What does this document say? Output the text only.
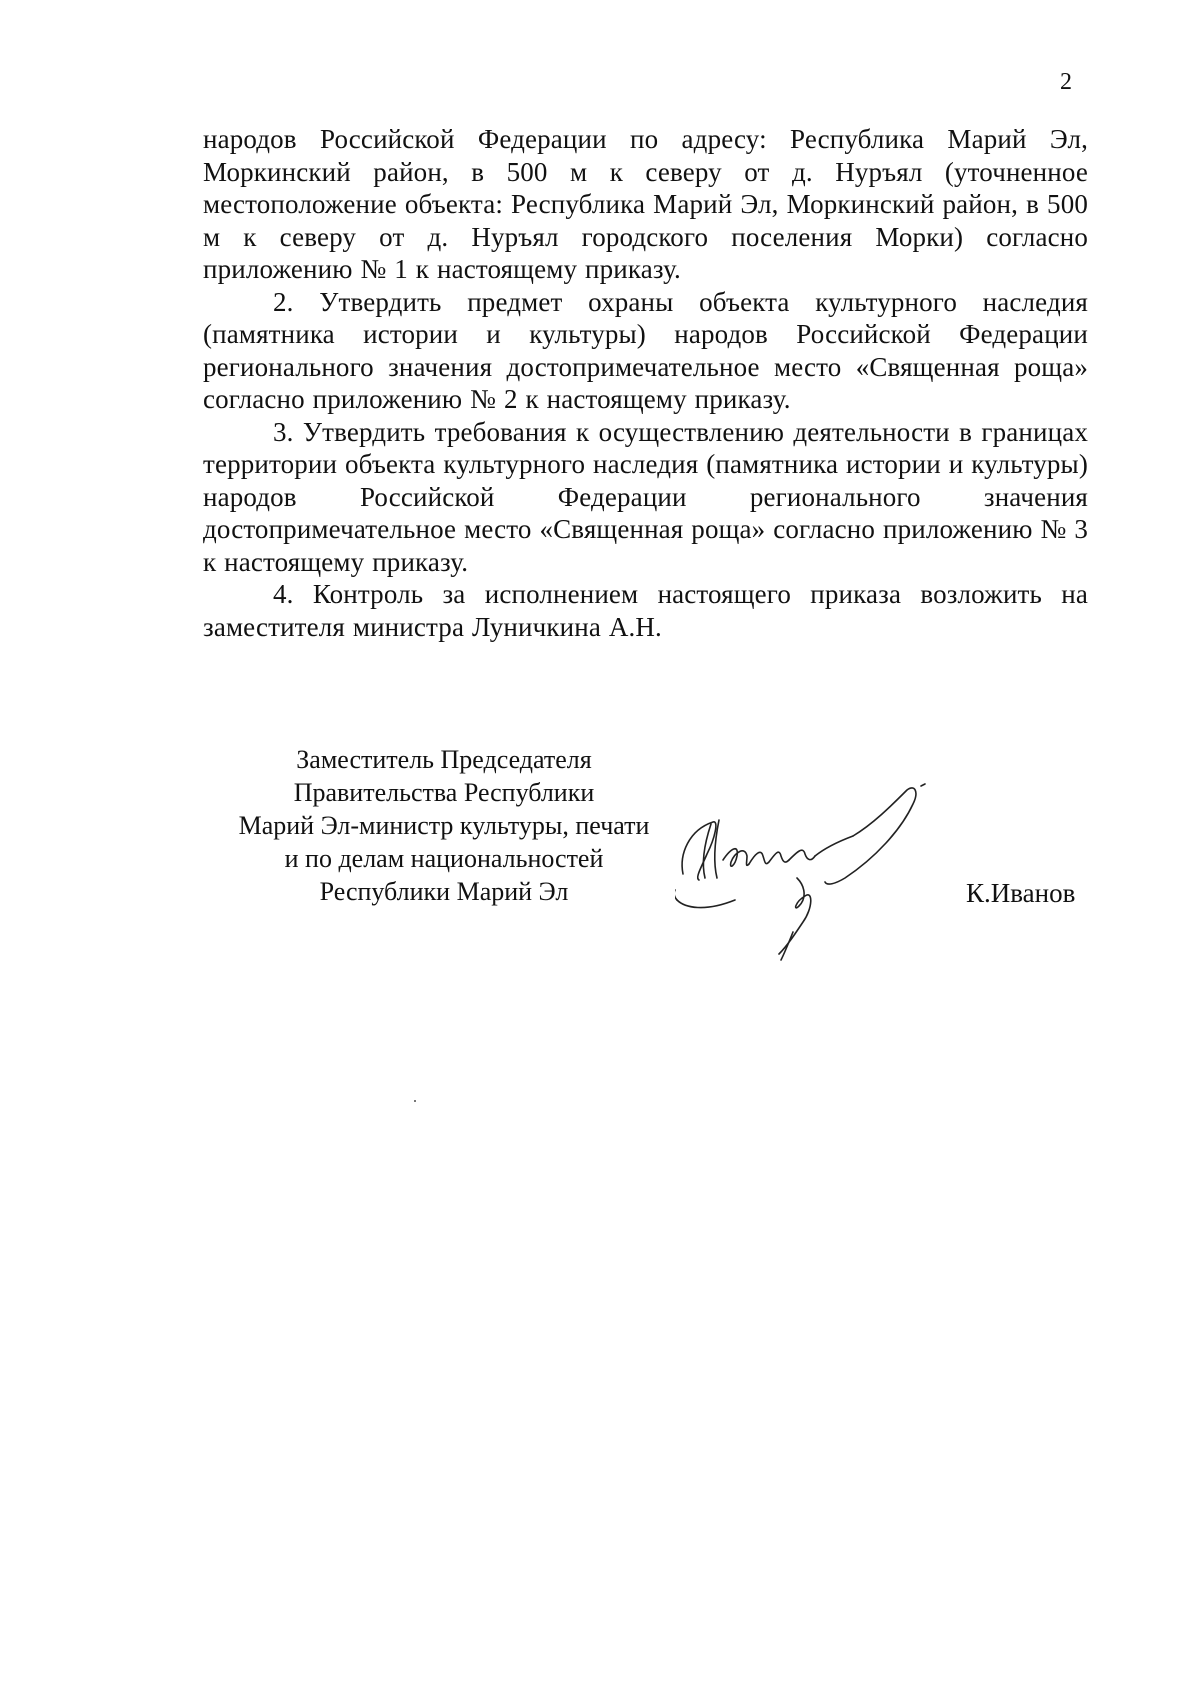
2

народов Российской Федерации по адресу: Республика Марий Эл, Моркинский район, в 500 м к северу от д. Нуръял (уточненное местоположение объекта: Республика Марий Эл, Моркинский район, в 500 м к северу от д. Нуръял городского поселения Морки) согласно приложению № 1 к настоящему приказу.

2. Утвердить предмет охраны объекта культурного наследия (памятника истории и культуры) народов Российской Федерации регионального значения достопримечательное место «Священная роща» согласно приложению № 2 к настоящему приказу.

3. Утвердить требования к осуществлению деятельности в границах территории объекта культурного наследия (памятника истории и культуры) народов Российской Федерации регионального значения достопримечательное место «Священная роща» согласно приложению № 3 к настоящему приказу.

4. Контроль за исполнением настоящего приказа возложить на заместителя министра Луничкина А.Н.

Заместитель Председателя
Правительства Республики
Марий Эл-министр культуры, печати
и по делам национальностей
Республики Марий Эл	К.Иванов
